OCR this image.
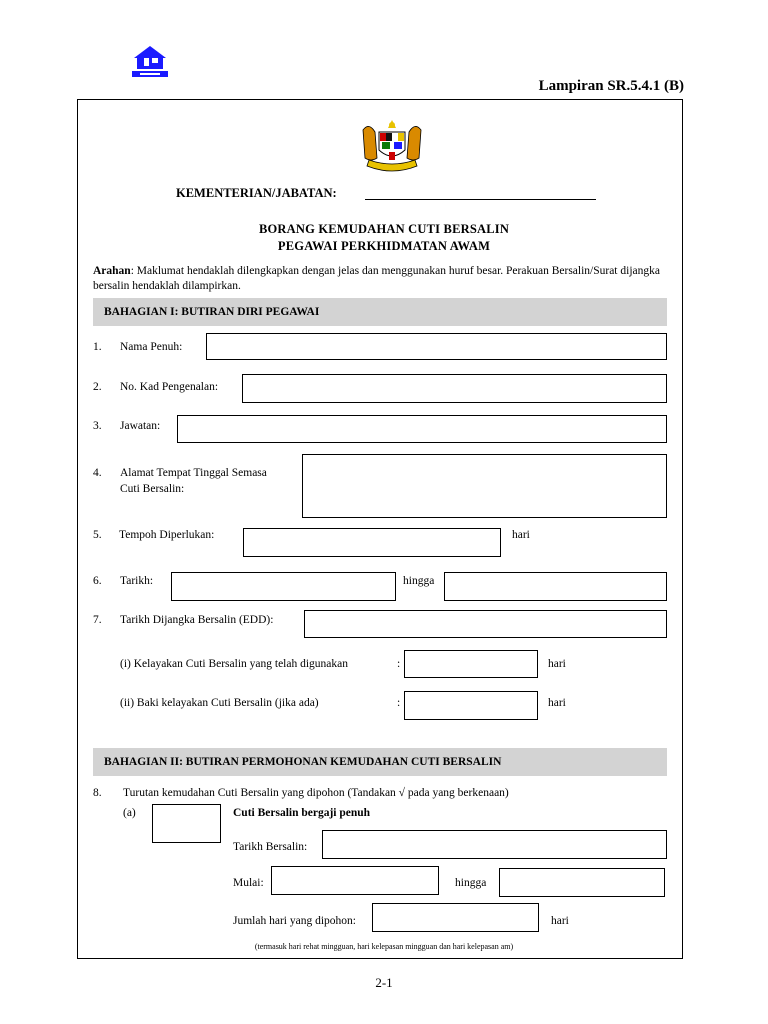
Lampiran SR.5.4.1 (B)
KEMENTERIAN/JABATAN:
BORANG KEMUDAHAN CUTI BERSALIN
PEGAWAI PERKHIDMATAN AWAM
Arahan: Maklumat hendaklah dilengkapkan dengan jelas dan menggunakan huruf besar. Perakuan Bersalin/Surat dijangka bersalin hendaklah dilampirkan.
BAHAGIAN I: BUTIRAN DIRI PEGAWAI
1. Nama Penuh:
2. No. Kad Pengenalan:
3. Jawatan:
4. Alamat Tempat Tinggal Semasa
Cuti Bersalin:
5. Tempoh Diperlukan:	hari
6. Tarikh:	hingga
7. Tarikh Dijangka Bersalin (EDD):
(i) Kelayakan Cuti Bersalin yang telah digunakan	:	hari
(ii) Baki kelayakan Cuti Bersalin (jika ada)	:	hari
BAHAGIAN II: BUTIRAN PERMOHONAN KEMUDAHAN CUTI BERSALIN
8. Turutan kemudahan Cuti Bersalin yang dipohon (Tandakan √ pada yang berkenaan)
(a)	Cuti Bersalin bergaji penuh
Tarikh Bersalin:
Mulai:	hingga
Jumlah hari yang dipohon:	hari
(termasuk hari rehat mingguan, hari kelepasan mingguan dan hari kelepasan am)
2-1
